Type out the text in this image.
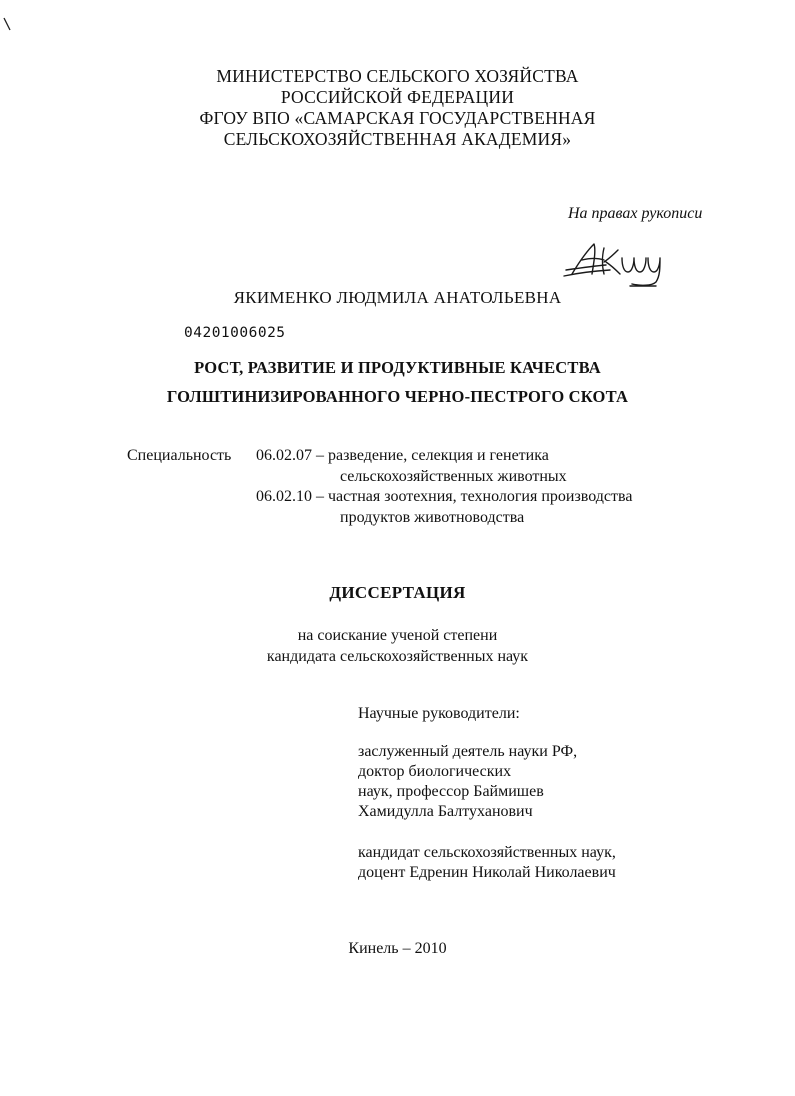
МИНИСТЕРСТВО СЕЛЬСКОГО ХОЗЯЙСТВА
РОССИЙСКОЙ ФЕДЕРАЦИИ
ФГОУ ВПО «САМАРСКАЯ ГОСУДАРСТВЕННАЯ
СЕЛЬСКОХОЗЯЙСТВЕННАЯ АКАДЕМИЯ»
На правах рукописи
ЯКИМЕНКО ЛЮДМИЛА АНАТОЛЬЕВНА
04201006025
РОСТ, РАЗВИТИЕ И ПРОДУКТИВНЫЕ КАЧЕСТВА
ГОЛШТИНИЗИРОВАННОГО ЧЕРНО-ПЕСТРОГО СКОТА
Специальность 06.02.07 – разведение, селекция и генетика
сельскохозяйственных животных
06.02.10 – частная зоотехния, технология производства
продуктов животноводства
ДИССЕРТАЦИЯ
на соискание ученой степени
кандидата сельскохозяйственных наук
Научные руководители:
заслуженный деятель науки РФ,
доктор биологических
наук, профессор Баймишев
Хамидулла Балтуханович
кандидат сельскохозяйственных наук,
доцент Едренин Николай Николаевич
Кинель – 2010
